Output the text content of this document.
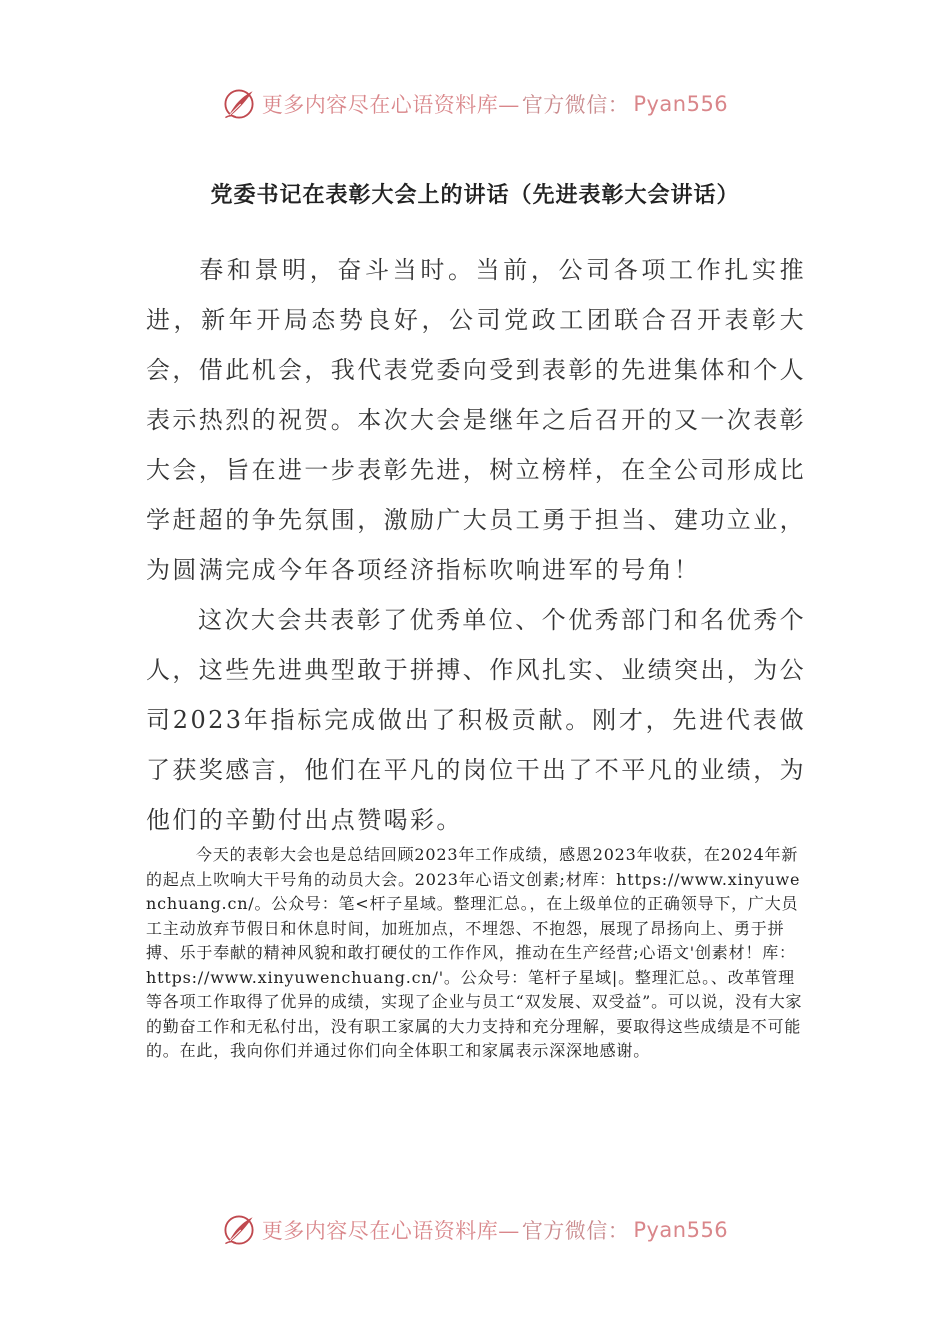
更多内容尽在心语资料库— 官方微信： Pyan556
党委书记在表彰大会上的讲话（先进表彰大会讲话）

春和景明，奋斗当时。当前，公司各项工作扎实推进，新年开局态势良好，公司党政工团联合召开表彰大会，借此机会，我代表党委向受到表彰的先进集体和个人表示热烈的祝贺。本次大会是继年之后召开的又一次表彰大会，旨在进一步表彰先进，树立榜样，在全公司形成比学赶超的争先氛围，激励广大员工勇于担当、建功立业，为圆满完成今年各项经济指标吹响进军的号角！

这次大会共表彰了优秀单位、个优秀部门和名优秀个人，这些先进典型敢于拼搏、作风扎实、业绩突出，为公司2023年指标完成做出了积极贡献。刚才，先进代表做了获奖感言，他们在平凡的岗位干出了不平凡的业绩，为他们的辛勤付出点赞喝彩。

今天的表彰大会也是总结回顾2023年工作成绩，感恩2023年收获，在2024年新的起点上吹响大干号角的动员大会。2023年心语文创素;材库：https://www.xinyuwenchuang.cn/。公众号：笔<杆子星域。整理汇总。，在上级单位的正确领导下，广大员工主动放弃节假日和休息时间，加班加点，不埋怨、不抱怨，展现了昂扬向上、勇于拼搏、乐于奉献的精神风貌和敢打硬仗的工作作风，推动在生产经营;心语文'创素材！库：https://www.xinyuwenchuang.cn/'。公众号：笔杆子星域|。整理汇总。、改革管理等各项工作取得了优异的成绩，实现了企业与员工“双发展、双受益”。可以说，没有大家的勤奋工作和无私付出，没有职工家属的大力支持和充分理解，要取得这些成绩是不可能的。在此，我向你们并通过你们向全体职工和家属表示深深地感谢。

更多内容尽在心语资料库— 官方微信： Pyan556
